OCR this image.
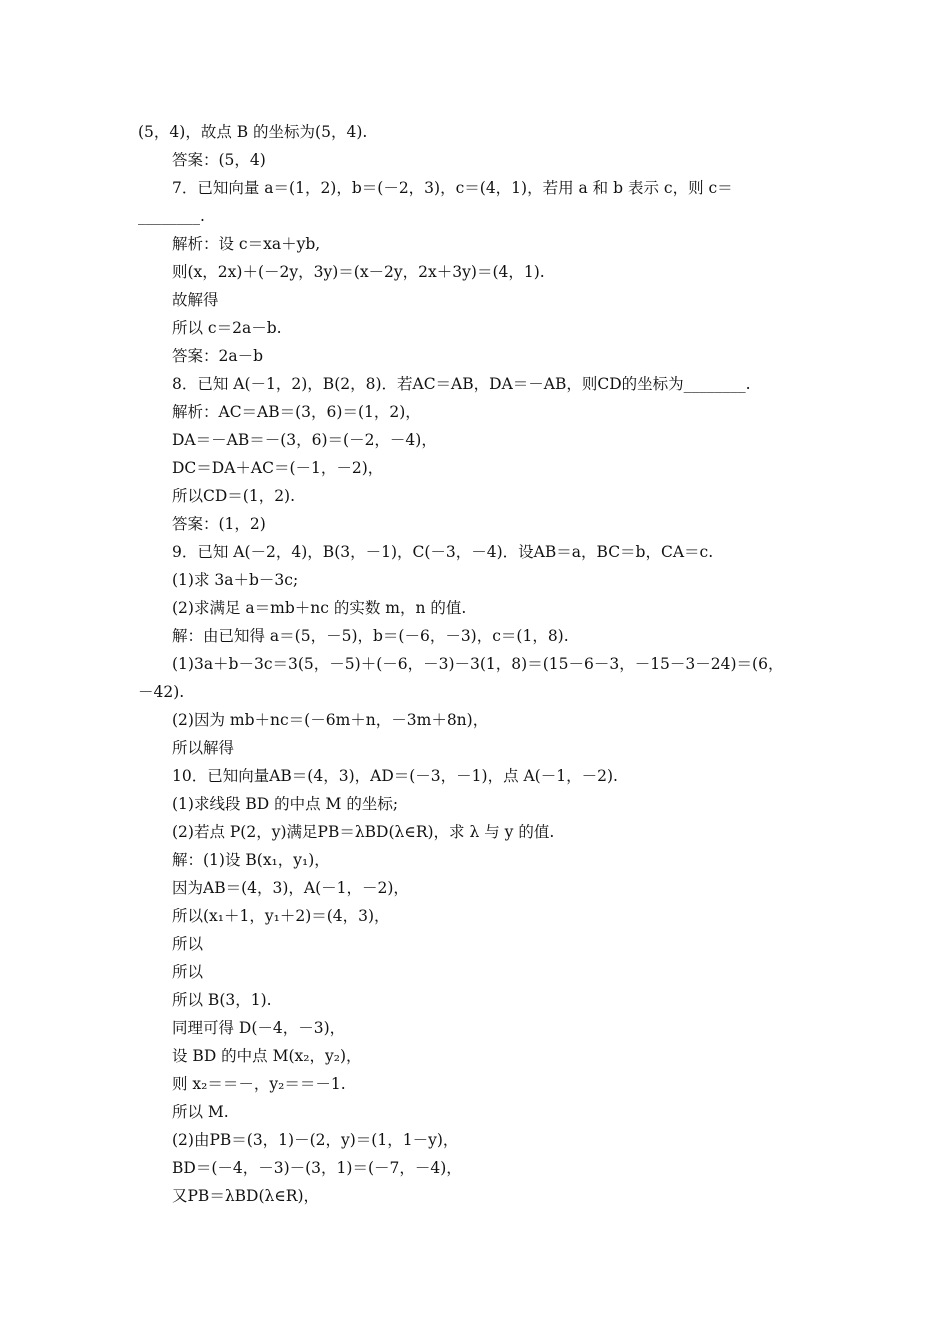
(5，4)，故点 B 的坐标为(5，4).
答案：(5，4)
7．已知向量 a＝(1，2)，b＝(－2，3)，c＝(4，1)，若用 a 和 b 表示 c，则 c＝
________.
解析：设 c＝xa＋yb,
则(x，2x)＋(－2y，3y)＝(x－2y，2x＋3y)＝(4，1).
故解得
所以 c＝2a－b.
答案：2a－b
8．已知 A(－1，2)，B(2，8)．若AC＝AB，DA＝－AB，则CD的坐标为________.
解析：AC＝AB＝(3，6)＝(1，2)，
DA＝－AB＝－(3，6)＝(－2，－4)，
DC＝DA＋AC＝(－1，－2)，
所以CD＝(1，2).
答案：(1，2)
9．已知 A(－2，4)，B(3，－1)，C(－3，－4)．设AB＝a，BC＝b，CA＝c.
(1)求 3a＋b－3c;
(2)求满足 a＝mb＋nc 的实数 m，n 的值.
解：由已知得 a＝(5，－5)，b＝(－6，－3)，c＝(1，8).
(1)3a＋b－3c＝3(5，－5)＋(－6，－3)－3(1，8)＝(15－6－3，－15－3－24)＝(6，
－42).
(2)因为 mb＋nc＝(－6m＋n，－3m＋8n)，
所以解得
10．已知向量AB＝(4，3)，AD＝(－3，－1)，点 A(－1，－2).
(1)求线段 BD 的中点 M 的坐标;
(2)若点 P(2，y)满足PB＝λBD(λ∈R)，求 λ 与 y 的值.
解：(1)设 B(x₁，y₁)，
因为AB＝(4，3)，A(－1，－2)，
所以(x₁＋1，y₁＋2)＝(4，3)，
所以
所以
所以 B(3，1).
同理可得 D(－4，－3)，
设 BD 的中点 M(x₂，y₂)，
则 x₂＝＝－，y₂＝＝－1.
所以 M.
(2)由PB＝(3，1)－(2，y)＝(1，1－y)，
BD＝(－4，－3)－(3，1)＝(－7，－4)，
又PB＝λBD(λ∈R)，
